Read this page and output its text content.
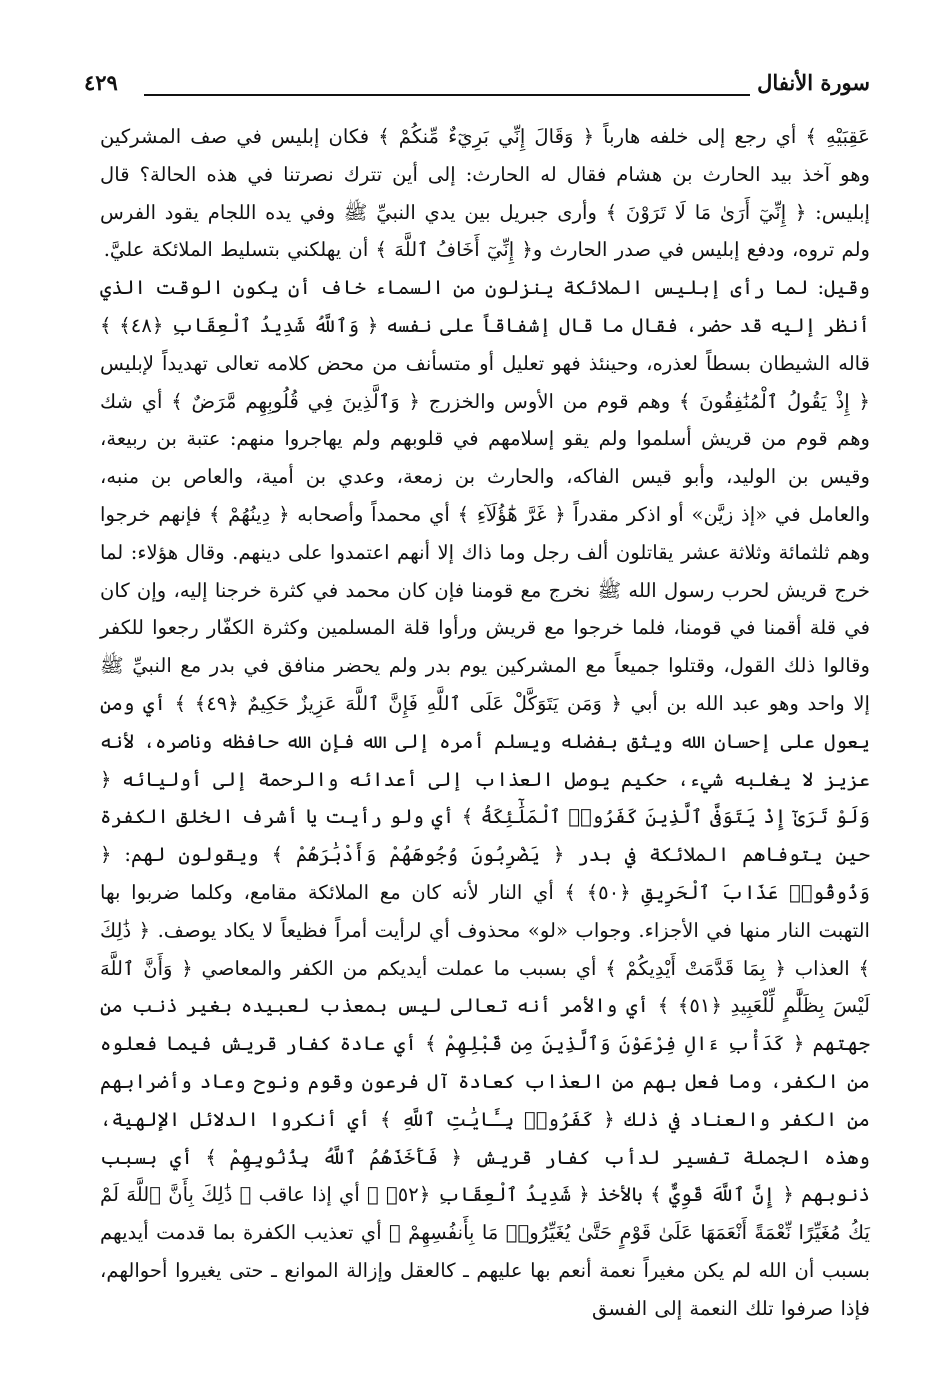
سورة الأنفال
٤٢٩

عَقِبَيْهِ ﴾ أي رجع إلى خلفه هارباً ﴿ وَقَالَ إِنِّي بَرِيٓءٌ مِّنكُمْ ﴾ فكان إبليس في صف المشركين وهو آخذ بيد الحارث بن هشام فقال له الحارث: إلى أين تترك نصرتنا في هذه الحالة؟ قال إبليس: ﴿ إِنِّيٓ أَرَىٰ مَا لَا تَرَوْنَ ﴾ وأرى جبريل بين يدي النبيِّ ﷺ وفي يده اللجام يقود الفرس ولم تروه، ودفع إبليس في صدر الحارث و﴿ إِنِّيٓ أَخَافُ ٱللَّهَ ﴾ أن يهلكني بتسليط الملائكة عليَّ.

وقيل: لما رأى إبليس الملائكة ينزلون من السماء خاف أن يكون الوقت الذي أنظر إليه قد حضر، فقال ما قال إشفاقاً على نفسه ﴿ وَٱللَّهُ شَدِيدُ ٱلْعِقَابِ ﴿٤٨﴾ ﴾ قاله الشيطان بسطاً لعذره، وحينئذ فهو تعليل أو متسأنف من محض كلامه تعالى تهديداً لإبليس ﴿ إِذْ يَقُولُ ٱلْمُنَٰفِقُونَ ﴾ وهم قوم من الأوس والخزرج ﴿ وَٱلَّذِينَ فِي قُلُوبِهِم مَّرَضٌ ﴾ أي شك وهم قوم من قريش أسلموا ولم يقو إسلامهم في قلوبهم ولم يهاجروا منهم: عتبة بن ربيعة، وقيس بن الوليد، وأبو قيس الفاكه، والحارث بن زمعة، وعدي بن أمية، والعاص بن منبه، والعامل في «إذ زيَّن» أو اذكر مقدراً ﴿ غَرَّ هَٰٓؤُلَآءِ ﴾ أي محمداً وأصحابه ﴿ دِينُهُمْ ﴾ فإنهم خرجوا وهم ثلثمائة وثلاثة عشر يقاتلون ألف رجل وما ذاك إلا أنهم اعتمدوا على دينهم. وقال هؤلاء: لما خرج قريش لحرب رسول الله ﷺ نخرج مع قومنا فإن كان محمد في كثرة خرجنا إليه، وإن كان في قلة أقمنا في قومنا، فلما خرجوا مع قريش ورأوا قلة المسلمين وكثرة الكفّار رجعوا للكفر وقالوا ذلك القول، وقتلوا جميعاً مع المشركين يوم بدر ولم يحضر منافق في بدر مع النبيِّ ﷺ إلا واحد وهو عبد الله بن أبي ﴿ وَمَن يَتَوَكَّلْ عَلَى ٱللَّهِ فَإِنَّ ٱللَّهَ عَزِيزٌ حَكِيمٌ ﴿٤٩﴾ ﴾ أي ومن يعول على إحسان الله ويثق بفضله ويسلم أمره إلى الله فإن الله حافظه وناصره، لأنه عزيز لا يغلبه شيء، حكيم يوصل العذاب إلى أعدائه والرحمة إلى أوليائه ﴿ وَلَوْ تَرَىٰٓ إِذْ يَتَوَفَّى ٱلَّذِينَ كَفَرُوا۟ ٱلْمَلَٰٓئِكَةُ ﴾ أي ولو رأيت يا أشرف الخلق الكفرة حين يتوفاهم الملائكة في بدر ﴿ يَضْرِبُونَ وُجُوهَهُمْ وَأَدْبَٰرَهُمْ ﴾ ويقولون لهم: ﴿ وَذُوقُوا۟ عَذَابَ ٱلْحَرِيقِ ﴿٥٠﴾ ﴾ أي النار لأنه كان مع الملائكة مقامع، وكلما ضربوا بها التهبت النار منها في الأجزاء. وجواب «لو» محذوف أي لرأيت أمراً فظيعاً لا يكاد يوصف. ﴿ ذَٰلِكَ ﴾ العذاب ﴿ بِمَا قَدَّمَتْ أَيْدِيكُمْ ﴾ أي بسبب ما عملت أيديكم من الكفر والمعاصي ﴿ وَأَنَّ ٱللَّهَ لَيْسَ بِظَلَّٰمٍ لِّلْعَبِيدِ ﴿٥١﴾ ﴾ أي والأمر أنه تعالى ليس بمعذب لعبيده بغير ذنب من جهتهم ﴿ كَدَأْبِ ءَالِ فِرْعَوْنَ وَٱلَّذِينَ مِن قَبْلِهِمْ ﴾ أي عادة كفار قريش فيما فعلوه من الكفر، وما فعل بهم من العذاب كعادة آل فرعون وقوم ونوح وعاد وأضرابهم من الكفر والعناد في ذلك ﴿ كَفَرُوا۟ بِـَٔايَٰتِ ٱللَّهِ ﴾ أي أنكروا الدلائل الإلهية، وهذه الجملة تفسير لدأب كفار قريش ﴿ فَأَخَذَهُمُ ٱللَّهُ بِذُنُوبِهِمْ ﴾ أي بسبب ذنوبهم ﴿ إِنَّ ٱللَّهَ قَوِيٌّ ﴾ بالأخذ ﴿ شَدِيدُ ٱلْعِقَابِ ﴿٥٢﴾ ﴾ أي إذا عاقب ﴿ ذَٰلِكَ بِأَنَّ ٱللَّهَ لَمْ يَكُ مُغَيِّرًا نِّعْمَةً أَنْعَمَهَا عَلَىٰ قَوْمٍ حَتَّىٰ يُغَيِّرُوا۟ مَا بِأَنفُسِهِمْ ﴾ أي تعذيب الكفرة بما قدمت أيديهم بسبب أن الله لم يكن مغيراً نعمة أنعم بها عليهم ـ كالعقل وإزالة الموانع ـ حتى يغيروا أحوالهم، فإذا صرفوا تلك النعمة إلى الفسق
